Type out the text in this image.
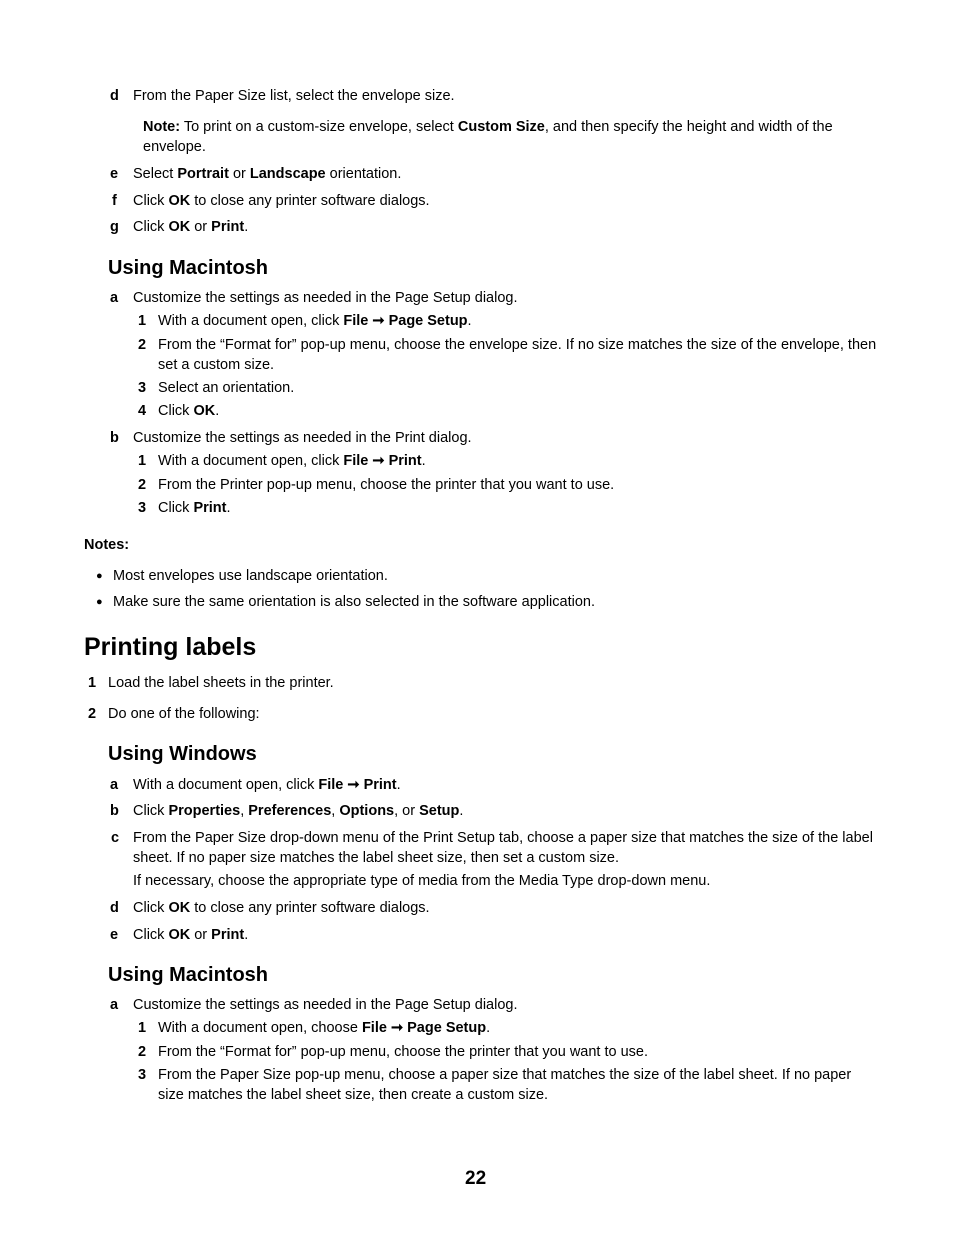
d From the Paper Size list, select the envelope size.
Note: To print on a custom-size envelope, select Custom Size, and then specify the height and width of the envelope.
e Select Portrait or Landscape orientation.
f Click OK to close any printer software dialogs.
g Click OK or Print.
Using Macintosh
a Customize the settings as needed in the Page Setup dialog.
1 With a document open, click File ➞ Page Setup.
2 From the “Format for” pop-up menu, choose the envelope size. If no size matches the size of the envelope, then set a custom size.
3 Select an orientation.
4 Click OK.
b Customize the settings as needed in the Print dialog.
1 With a document open, click File ➞ Print.
2 From the Printer pop-up menu, choose the printer that you want to use.
3 Click Print.
Notes:
● Most envelopes use landscape orientation.
● Make sure the same orientation is also selected in the software application.
Printing labels
1 Load the label sheets in the printer.
2 Do one of the following:
Using Windows
a With a document open, click File ➞ Print.
b Click Properties, Preferences, Options, or Setup.
c From the Paper Size drop-down menu of the Print Setup tab, choose a paper size that matches the size of the label sheet. If no paper size matches the label sheet size, then set a custom size.
If necessary, choose the appropriate type of media from the Media Type drop-down menu.
d Click OK to close any printer software dialogs.
e Click OK or Print.
Using Macintosh
a Customize the settings as needed in the Page Setup dialog.
1 With a document open, choose File ➞ Page Setup.
2 From the “Format for” pop-up menu, choose the printer that you want to use.
3 From the Paper Size pop-up menu, choose a paper size that matches the size of the label sheet. If no paper size matches the label sheet size, then create a custom size.
22
